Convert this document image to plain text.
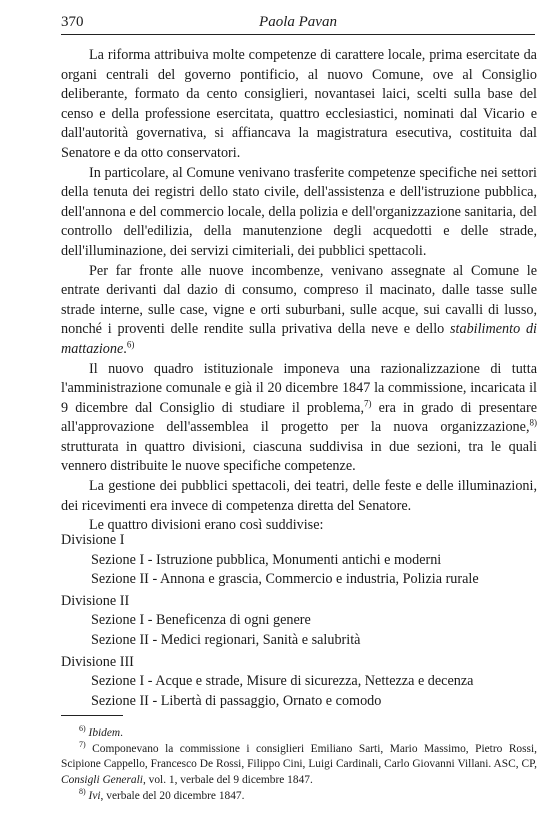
370	Paola Pavan

La riforma attribuiva molte competenze di carattere locale, prima esercitate da organi centrali del governo pontificio, al nuovo Comune, ove al Consiglio deliberante, formato da cento consiglieri, novantasei laici, scelti sulla base del censo e della professione esercitata, quattro ecclesiastici, nominati dal Vicario e dall'autorità governativa, si affiancava la magistratura esecutiva, costituita dal Senatore e da otto conservatori.

In particolare, al Comune venivano trasferite competenze specifiche nei settori della tenuta dei registri dello stato civile, dell'assistenza e dell'istruzione pubblica, dell'annona e del commercio locale, della polizia e dell'organizzazione sanitaria, del controllo dell'edilizia, della manutenzione degli acquedotti e delle strade, dell'illuminazione, dei servizi cimiteriali, dei pubblici spettacoli.

Per far fronte alle nuove incombenze, venivano assegnate al Comune le entrate derivanti dal dazio di consumo, compreso il macinato, dalle tasse sulle strade interne, sulle case, vigne e orti suburbani, sulle acque, sui cavalli di lusso, nonché i proventi delle rendite sulla privativa della neve e dello stabilimento di mattazione.$^{6)}$

Il nuovo quadro istituzionale imponeva una razionalizzazione di tutta l'amministrazione comunale e già il 20 dicembre 1847 la commissione, incaricata il 9 dicembre dal Consiglio di studiare il problema,$^{7)}$ era in grado di presentare all'approvazione dell'assemblea il progetto per la nuova organizzazione,$^{8)}$ strutturata in quattro divisioni, ciascuna suddivisa in due sezioni, tra le quali vennero distribuite le nuove specifiche competenze.

La gestione dei pubblici spettacoli, dei teatri, delle feste e delle illuminazioni, dei ricevimenti era invece di competenza diretta del Senatore.

Le quattro divisioni erano così suddivise:

Divisione I
Sezione I - Istruzione pubblica, Monumenti antichi e moderni
Sezione II - Annona e grascia, Commercio e industria, Polizia rurale
Divisione II
Sezione I - Beneficenza di ogni genere
Sezione II - Medici regionari, Sanità e salubrità
Divisione III
Sezione I - Acque e strade, Misure di sicurezza, Nettezza e decenza
Sezione II - Libertà di passaggio, Ornato e comodo

$^{6)}$ Ibidem.

$^{7)}$ Componevano la commissione i consiglieri Emiliano Sarti, Mario Massimo, Pietro Rossi, Scipione Cappello, Francesco De Rossi, Filippo Cini, Luigi Cardinali, Carlo Giovanni Villani. ASC, CP, Consigli Generali, vol. 1, verbale del 9 dicembre 1847.

$^{8)}$ Ivi, verbale del 20 dicembre 1847.
